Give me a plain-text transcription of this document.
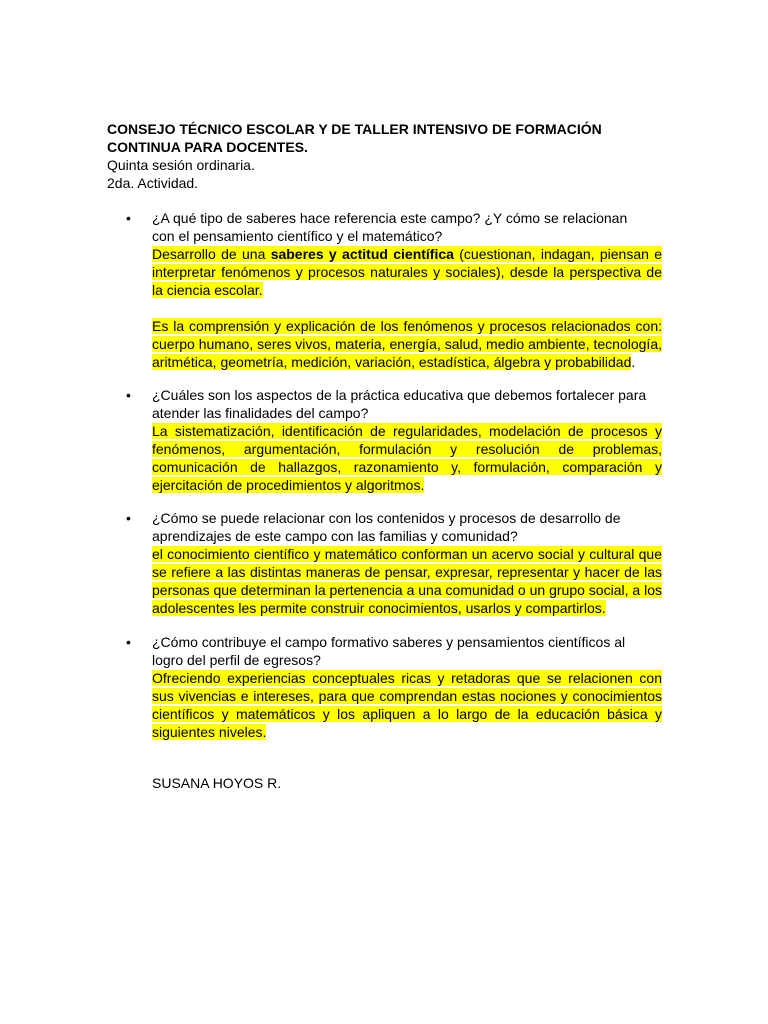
CONSEJO TÉCNICO ESCOLAR Y DE TALLER INTENSIVO DE FORMACIÓN CONTINUA PARA DOCENTES.

Quinta sesión ordinaria.

2da. Actividad.

• ¿A qué tipo de saberes hace referencia este campo? ¿Y cómo se relacionan con el pensamiento científico y el matemático?

Desarrollo de una saberes y actitud científica (cuestionan, indagan, piensan e interpretar fenómenos y procesos naturales y sociales), desde la perspectiva de la ciencia escolar.

Es la comprensión y explicación de los fenómenos y procesos relacionados con: cuerpo humano, seres vivos, materia, energía, salud, medio ambiente, tecnología, aritmética, geometría, medición, variación, estadística, álgebra y probabilidad.

• ¿Cuáles son los aspectos de la práctica educativa que debemos fortalecer para atender las finalidades del campo?

La sistematización, identificación de regularidades, modelación de procesos y fenómenos, argumentación, formulación y resolución de problemas, comunicación de hallazgos, razonamiento y, formulación, comparación y ejercitación de procedimientos y algoritmos.

• ¿Cómo se puede relacionar con los contenidos y procesos de desarrollo de aprendizajes de este campo con las familias y comunidad?

el conocimiento científico y matemático conforman un acervo social y cultural que se refiere a las distintas maneras de pensar, expresar, representar y hacer de las personas que determinan la pertenencia a una comunidad o un grupo social, a los adolescentes les permite construir conocimientos, usarlos y compartirlos.

• ¿Cómo contribuye el campo formativo saberes y pensamientos científicos al logro del perfil de egresos?

Ofreciendo experiencias conceptuales ricas y retadoras que se relacionen con sus vivencias e intereses, para que comprendan estas nociones y conocimientos científicos y matemáticos y los apliquen a lo largo de la educación básica y siguientes niveles.

SUSANA HOYOS R.
